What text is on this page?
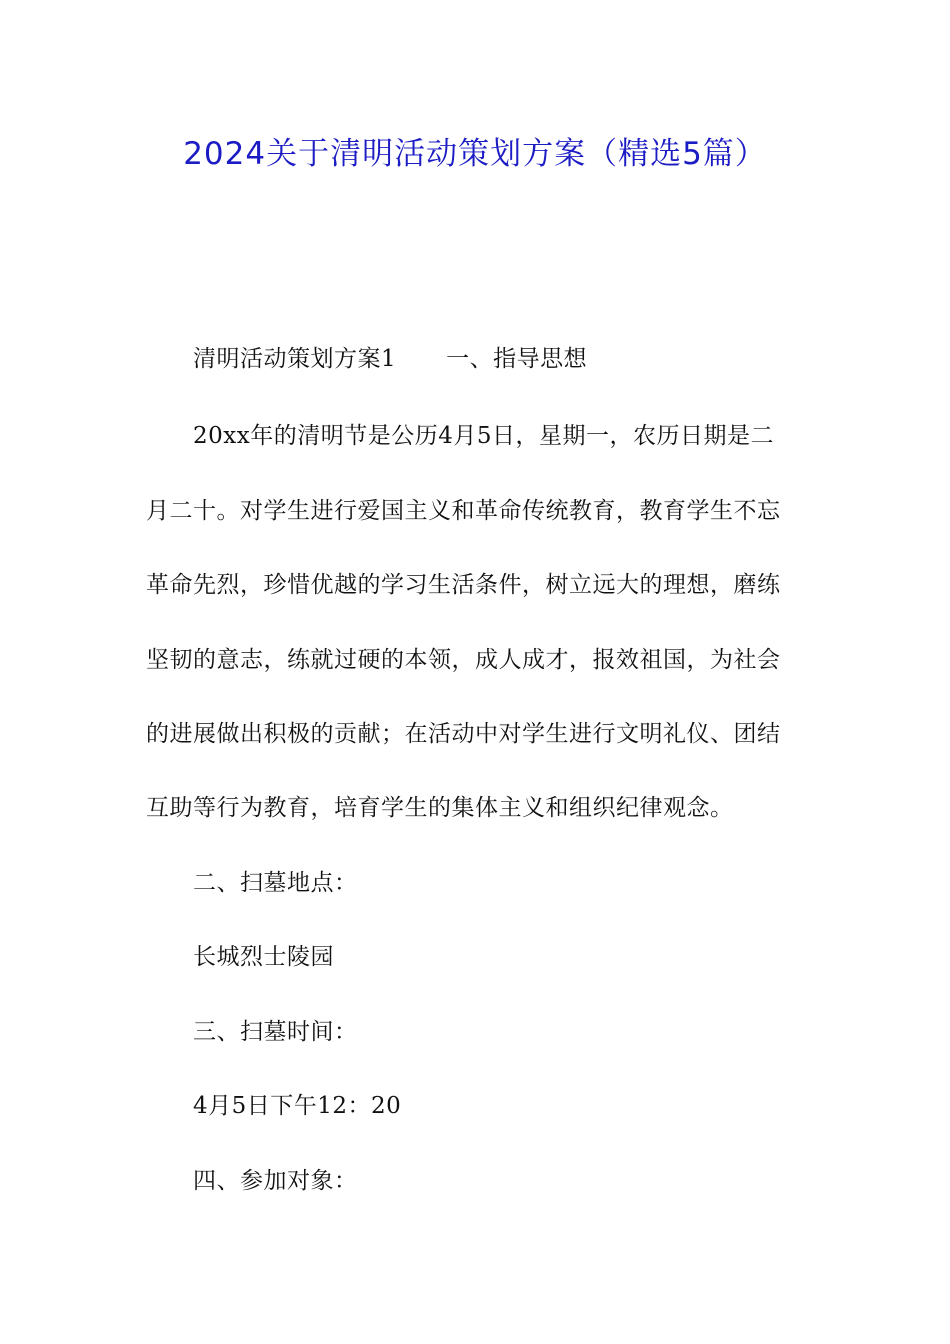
2024关于清明活动策划方案（精选5篇）
清明活动策划方案1 一、指导思想
20xx年的清明节是公历4月5日，星期一，农历日期是二
月二十。对学生进行爱国主义和革命传统教育，教育学生不忘
革命先烈，珍惜优越的学习生活条件，树立远大的理想，磨练
坚韧的意志，练就过硬的本领，成人成才，报效祖国，为社会
的进展做出积极的贡献；在活动中对学生进行文明礼仪、团结
互助等行为教育，培育学生的集体主义和组织纪律观念。
二、扫墓地点：
长城烈士陵园
三、扫墓时间：
4月5日下午12：20
四、参加对象：
